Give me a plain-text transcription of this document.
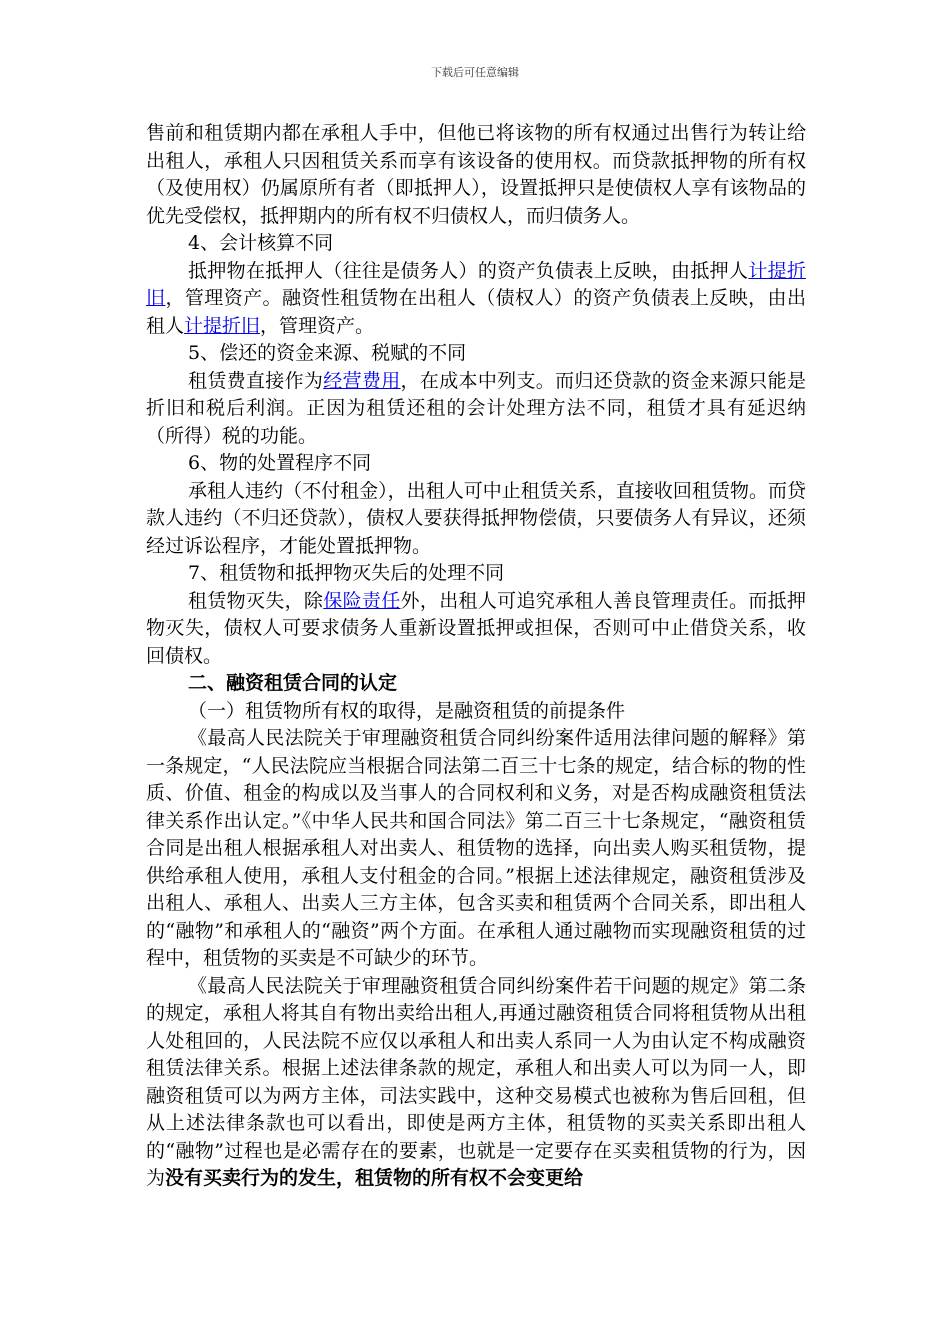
下载后可任意编辑

售前和租赁期内都在承租人手中，但他已将该物的所有权通过出售行为转让给出租人，承租人只因租赁关系而享有该设备的使用权。而贷款抵押物的所有权（及使用权）仍属原所有者（即抵押人），设置抵押只是使债权人享有该物品的优先受偿权，抵押期内的所有权不归债权人，而归债务人。

4、会计核算不同

抵押物在抵押人（往往是债务人）的资产负债表上反映，由抵押人计提折旧，管理资产。融资性租赁物在出租人（债权人）的资产负债表上反映，由出租人计提折旧，管理资产。

5、偿还的资金来源、税赋的不同

租赁费直接作为经营费用，在成本中列支。而归还贷款的资金来源只能是折旧和税后利润。正因为租赁还租的会计处理方法不同，租赁才具有延迟纳（所得）税的功能。

6、物的处置程序不同

承租人违约（不付租金），出租人可中止租赁关系，直接收回租赁物。而贷款人违约（不归还贷款），债权人要获得抵押物偿债，只要债务人有异议，还须经过诉讼程序，才能处置抵押物。

7、租赁物和抵押物灭失后的处理不同

租赁物灭失，除保险责任外，出租人可追究承租人善良管理责任。而抵押物灭失，债权人可要求债务人重新设置抵押或担保，否则可中止借贷关系，收回债权。

二、融资租赁合同的认定

（一）租赁物所有权的取得，是融资租赁的前提条件

《最高人民法院关于审理融资租赁合同纠纷案件适用法律问题的解释》第一条规定，“人民法院应当根据合同法第二百三十七条的规定，结合标的物的性质、价值、租金的构成以及当事人的合同权利和义务，对是否构成融资租赁法律关系作出认定。”《中华人民共和国合同法》第二百三十七条规定，“融资租赁合同是出租人根据承租人对出卖人、租赁物的选择，向出卖人购买租赁物，提供给承租人使用，承租人支付租金的合同。”根据上述法律规定，融资租赁涉及出租人、承租人、出卖人三方主体，包含买卖和租赁两个合同关系，即出租人的“融物”和承租人的“融资”两个方面。在承租人通过融物而实现融资租赁的过程中，租赁物的买卖是不可缺少的环节。

《最高人民法院关于审理融资租赁合同纠纷案件若干问题的规定》第二条的规定，承租人将其自有物出卖给出租人,再通过融资租赁合同将租赁物从出租人处租回的，人民法院不应仅以承租人和出卖人系同一人为由认定不构成融资租赁法律关系。根据上述法律条款的规定，承租人和出卖人可以为同一人，即融资租赁可以为两方主体，司法实践中，这种交易模式也被称为售后回租，但从上述法律条款也可以看出，即使是两方主体，租赁物的买卖关系即出租人的“融物”过程也是必需存在的要素，也就是一定要存在买卖租赁物的行为，因为没有买卖行为的发生，租赁物的所有权不会变更给
